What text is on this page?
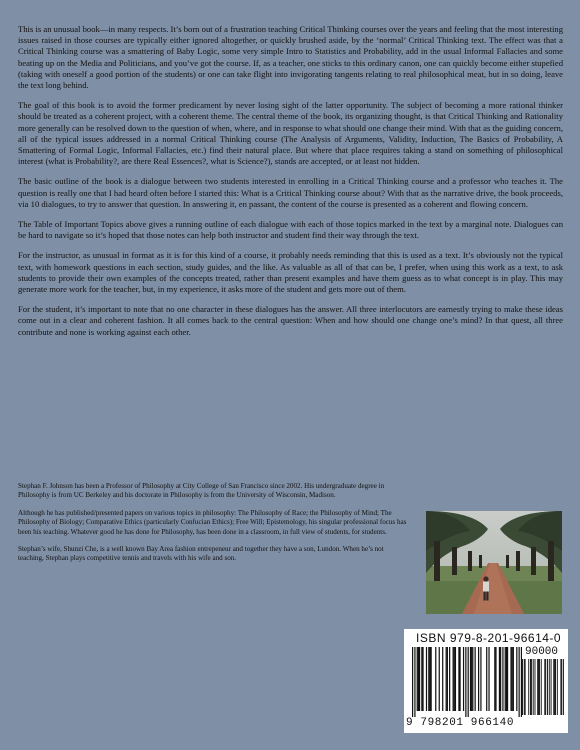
This is an unusual book—in many respects. It’s born out of a frustration teaching Critical Thinking courses over the years and feeling that the most interesting issues raised in those courses are typically either ignored altogether, or quickly brushed aside, by the ‘normal’ Critical Thinking text. The effect was that a Critical Thinking course was a smattering of Baby Logic, some very simple Intro to Statistics and Probability, add in the usual Informal Fallacies and some beating up on the Media and Politicians, and you’ve got the course. If, as a teacher, one sticks to this ordinary canon, one can quickly become either stupefied (taking with oneself a good portion of the students) or one can take flight into invigorating tangents relating to real philosophical meat, but in so doing, leave the text long behind.

The goal of this book is to avoid the former predicament by never losing sight of the latter opportunity. The subject of becoming a more rational thinker should be treated as a coherent project, with a coherent theme. The central theme of the book, its organizing thought, is that Critical Thinking and Rationality more generally can be resolved down to the question of when, where, and in response to what should one change their mind. With that as the guiding concern, all of the typical issues addressed in a normal Critical Thinking course (The Analysis of Arguments, Validity, Induction, The Basics of Probability, A Smattering of Formal Logic, Informal Fallacies, etc.) find their natural place. But where that place requires taking a stand on something of philosophical interest (what is Probability?, are there Real Essences?, what is Science?), stands are accepted, or at least not hidden.

The basic outline of the book is a dialogue between two students interested in enrolling in a Critical Thinking course and a professor who teaches it. The question is really one that I had heard often before I started this: What is a Critical Thinking course about? With that as the narrative drive, the book proceeds, via 10 dialogues, to try to answer that question. In answering it, en passant, the content of the course is presented as a coherent and flowing concern.

The Table of Important Topics above gives a running outline of each dialogue with each of those topics marked in the text by a marginal note. Dialogues can be hard to navigate so it’s hoped that those notes can help both instructor and student find their way through the text.

For the instructor, as unusual in format as it is for this kind of a course, it probably needs reminding that this is used as a text. It’s obviously not the typical text, with homework questions in each section, study guides, and the like. As valuable as all of that can be, I prefer, when using this work as a text, to ask students to provide their own examples of the concepts treated, rather than present examples and have them guess as to what concept is in play. This may generate more work for the teacher, but, in my experience, it asks more of the student and gets more out of them.

For the student, it’s important to note that no one character in these dialogues has the answer. All three interlocutors are earnestly trying to make these ideas come out in a clear and coherent fashion. It all comes back to the central question: When and how should one change one’s mind? In that quest, all three contribute and none is working against each other.

Stephan F. Johnson has been a Professor of Philosophy at City College of San Francisco since 2002. His undergraduate degree in Philosophy is from UC Berkeley and his doctorate in Philosophy is from the University of Wisconsin, Madison.

Although he has published/presented papers on various topics in philosophy: The Philosophy of Race; the Philosophy of Mind; The Philosophy of Biology; Comparative Ethics (particularly Confucian Ethics); Free Will; Epistemology, his singular professional focus has been his teaching. Whatever good he has done for Philosophy, has been done in a classroom, in full view of students, for students.

Stephan’s wife, Shunzi Che, is a well known Bay Area fashion entrepeneur and together they have a son, Lundon. When he’s not teaching, Stephan plays competitive tennis and travels with his wife and son.

ISBN 979-8-201-96614-0
90000
9 798201 966140
